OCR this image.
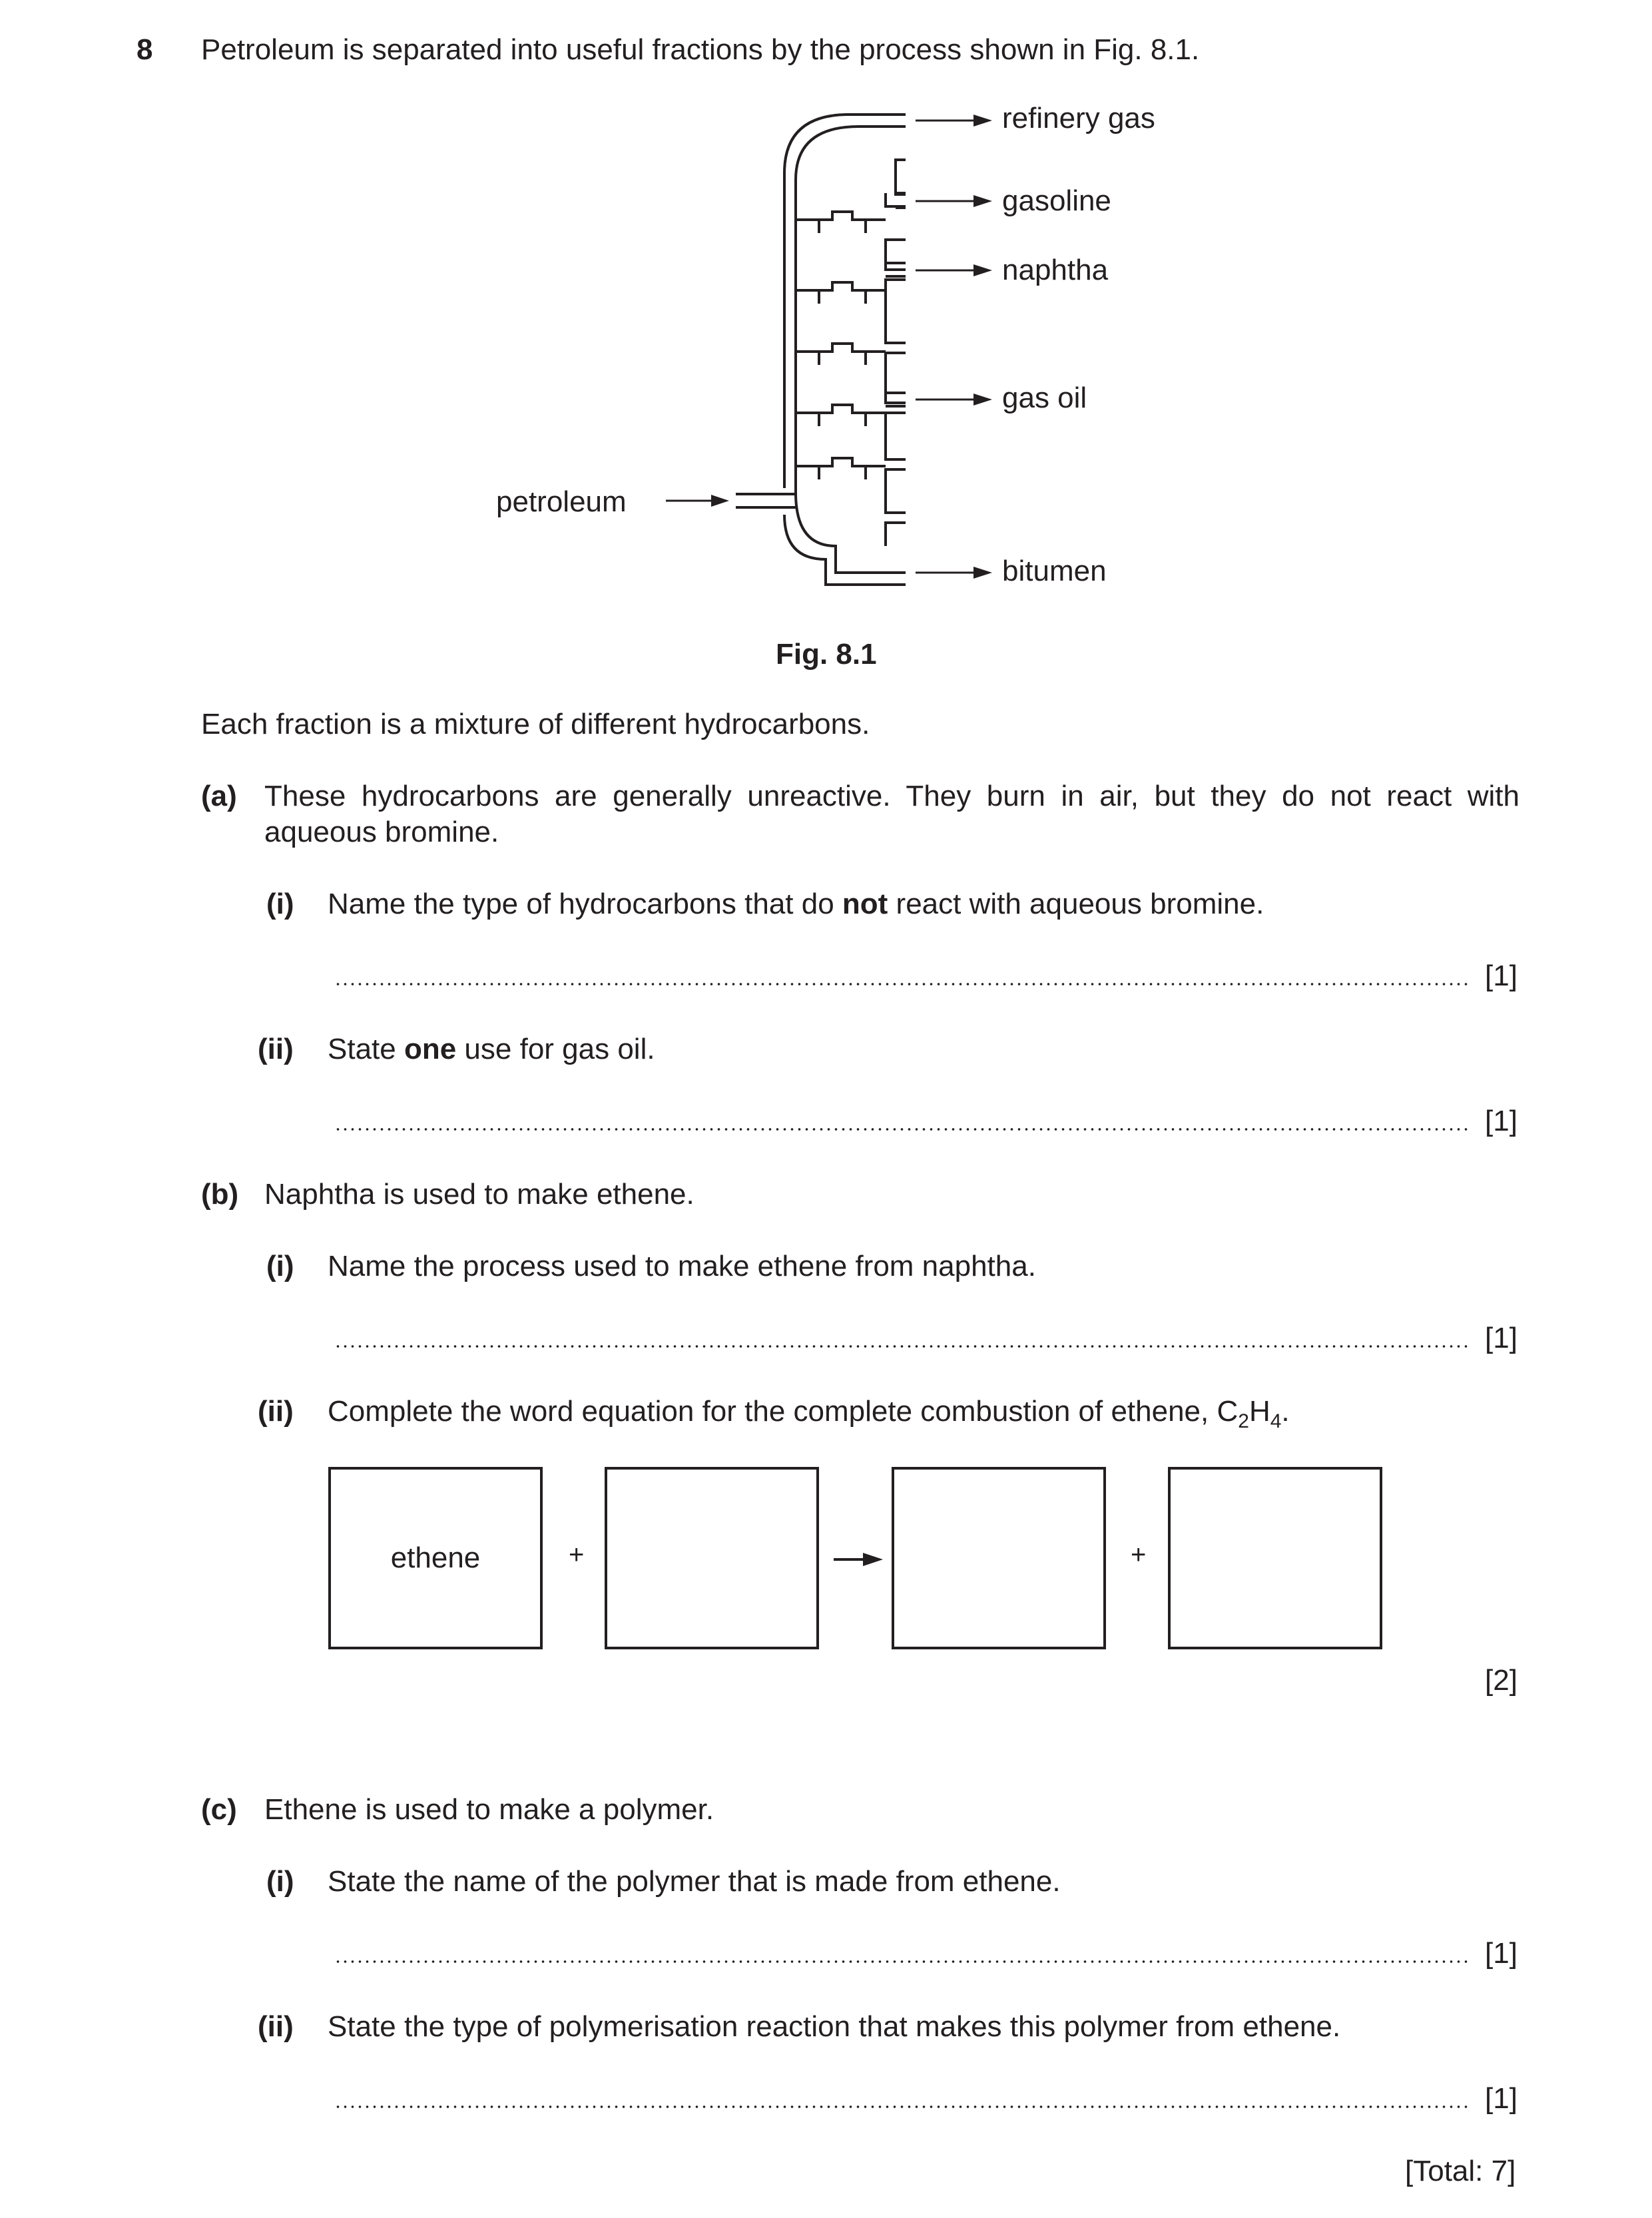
8 Petroleum is separated into useful fractions by the process shown in Fig. 8.1.
petroleum
refinery gas
gasoline
naphtha
gas oil
bitumen
Fig. 8.1
Each fraction is a mixture of different hydrocarbons.
(a) These hydrocarbons are generally unreactive. They burn in air, but they do not react with
aqueous bromine.
(i) Name the type of hydrocarbons that do not react with aqueous bromine.
[1]
(ii) State one use for gas oil.
[1]
(b) Naphtha is used to make ethene.
(i) Name the process used to make ethene from naphtha.
[1]
(ii) Complete the word equation for the complete combustion of ethene, $C_2H_4$.
ethene	+	+
[2]
(c) Ethene is used to make a polymer.
(i) State the name of the polymer that is made from ethene.
[1]
(ii) State the type of polymerisation reaction that makes this polymer from ethene.
[1]
[Total: 7]
